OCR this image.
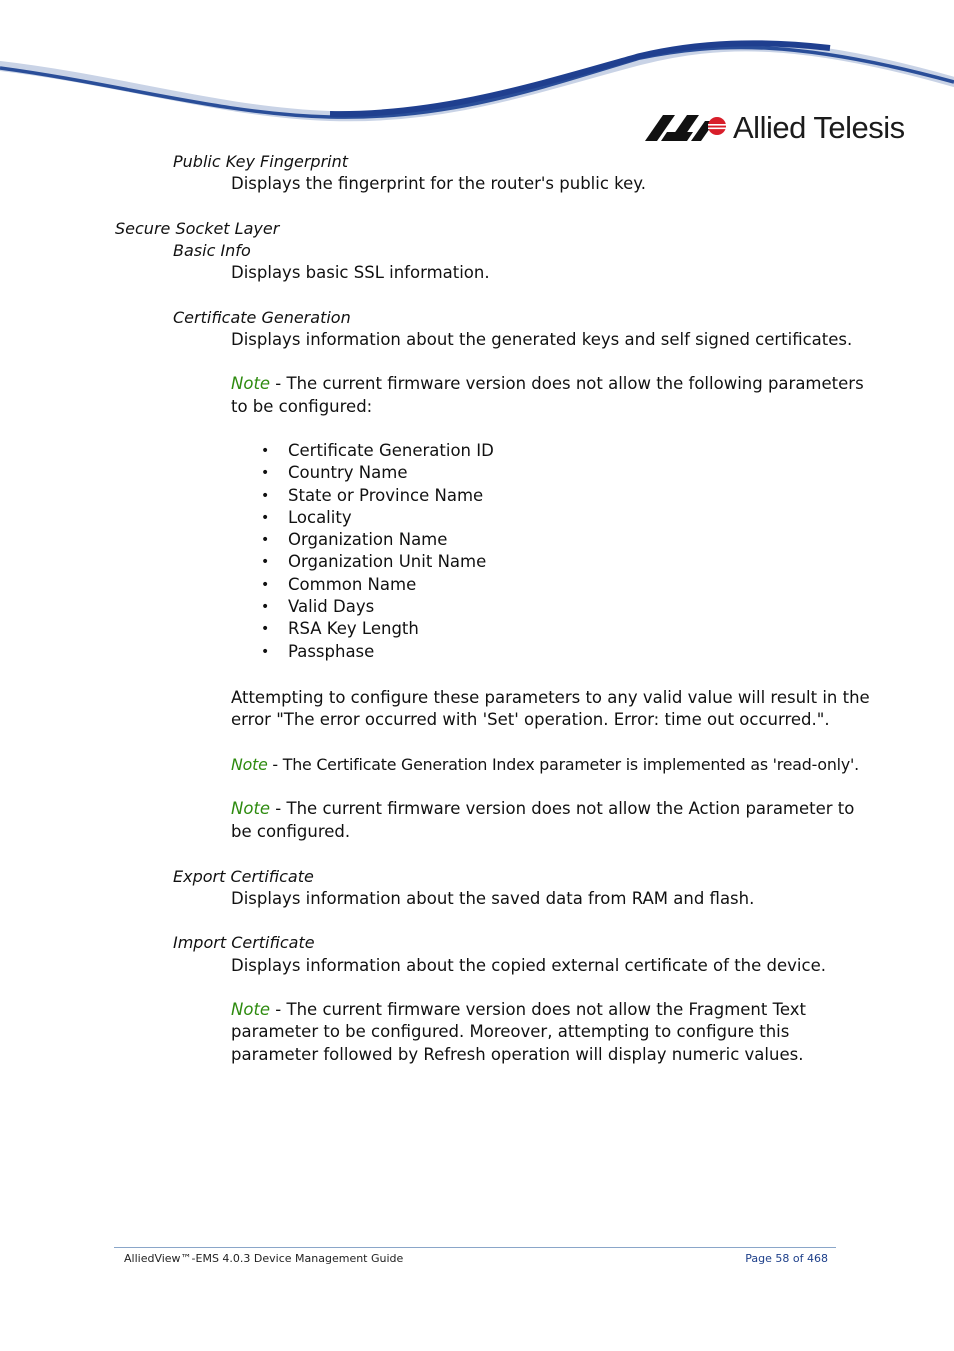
Allied Telesis
Public Key Fingerprint
Displays the fingerprint for the router's public key.
Secure Socket Layer
Basic Info
Displays basic SSL information.
Certificate Generation
Displays information about the generated keys and self signed certificates.
Note - The current firmware version does not allow the following parameters
to be configured:
•	Certificate Generation ID
•	Country Name
•	State or Province Name
•	Locality
•	Organization Name
•	Organization Unit Name
•	Common Name
•	Valid Days
•	RSA Key Length
•	Passphase
Attempting to configure these parameters to any valid value will result in the
error "The error occurred with 'Set' operation. Error: time out occurred.".
Note - The Certificate Generation Index parameter is implemented as 'read-only'.
Note - The current firmware version does not allow the Action parameter to
be configured.
Export Certificate
Displays information about the saved data from RAM and flash.
Import Certificate
Displays information about the copied external certificate of the device.
Note - The current firmware version does not allow the Fragment Text
parameter to be configured. Moreover, attempting to configure this
parameter followed by Refresh operation will display numeric values.
AlliedView™-EMS 4.0.3 Device Management Guide	Page 58 of 468
